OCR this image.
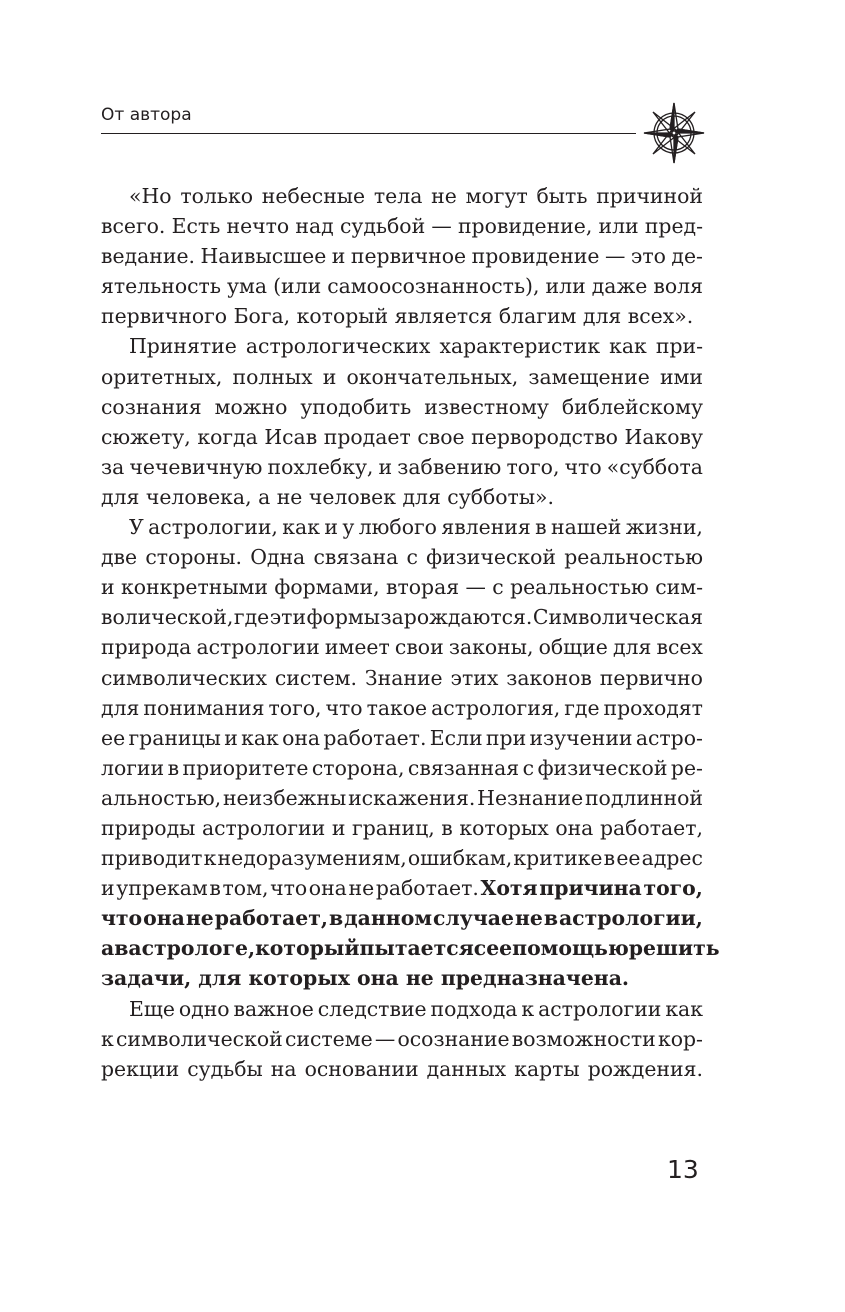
От автора
«Но только небесные тела не могут быть причиной
всего. Есть нечто над судьбой — провидение, или пред-
ведание. Наивысшее и первичное провидение — это де-
ятельность ума (или самоосознанность), или даже воля
первичного
Бога,
который
является
благим
для
всех».

Принятие астрологических характеристик как при-
оритетных, полных и окончательных, замещение ими
сознания можно уподобить известному библейскому
сюжету, когда Исав продает свое первородство Иакову
за чечевичную похлебку, и забвению того, что «суббота
для
человека,
а
не
человек
для
субботы».

У астрологии, как и у любого явления в нашей жизни,
две стороны. Одна связана с физической реальностью
и конкретными формами, вторая — с реальностью сим-
волической, где эти формы зарождаются. Символическая
природа астрологии имеет свои законы, общие для всех
символических систем. Знание этих законов первично
для понимания того, что такое астрология, где проходят
ее границы и как она работает. Если при изучении астро-
логии в приоритете сторона, связанная с физической ре-
альностью, неизбежны искажения. Незнание подлинной
природы астрологии и границ, в которых она работает,
приводит к недоразумениям, ошибкам, критике в ее адрес
и упрекам в том, что она не работает. Хотя причина того,
что она не работает, в данном случае не в астрологии,
а в астрологе, который пытается с ее помощью решить
задачи,
для
которых
она
не
предназначена.

Еще одно важное следствие подхода к астрологии как
к символической системе — осознание возможности кор-
рекции судьбы на основании данных карты рождения.
13
